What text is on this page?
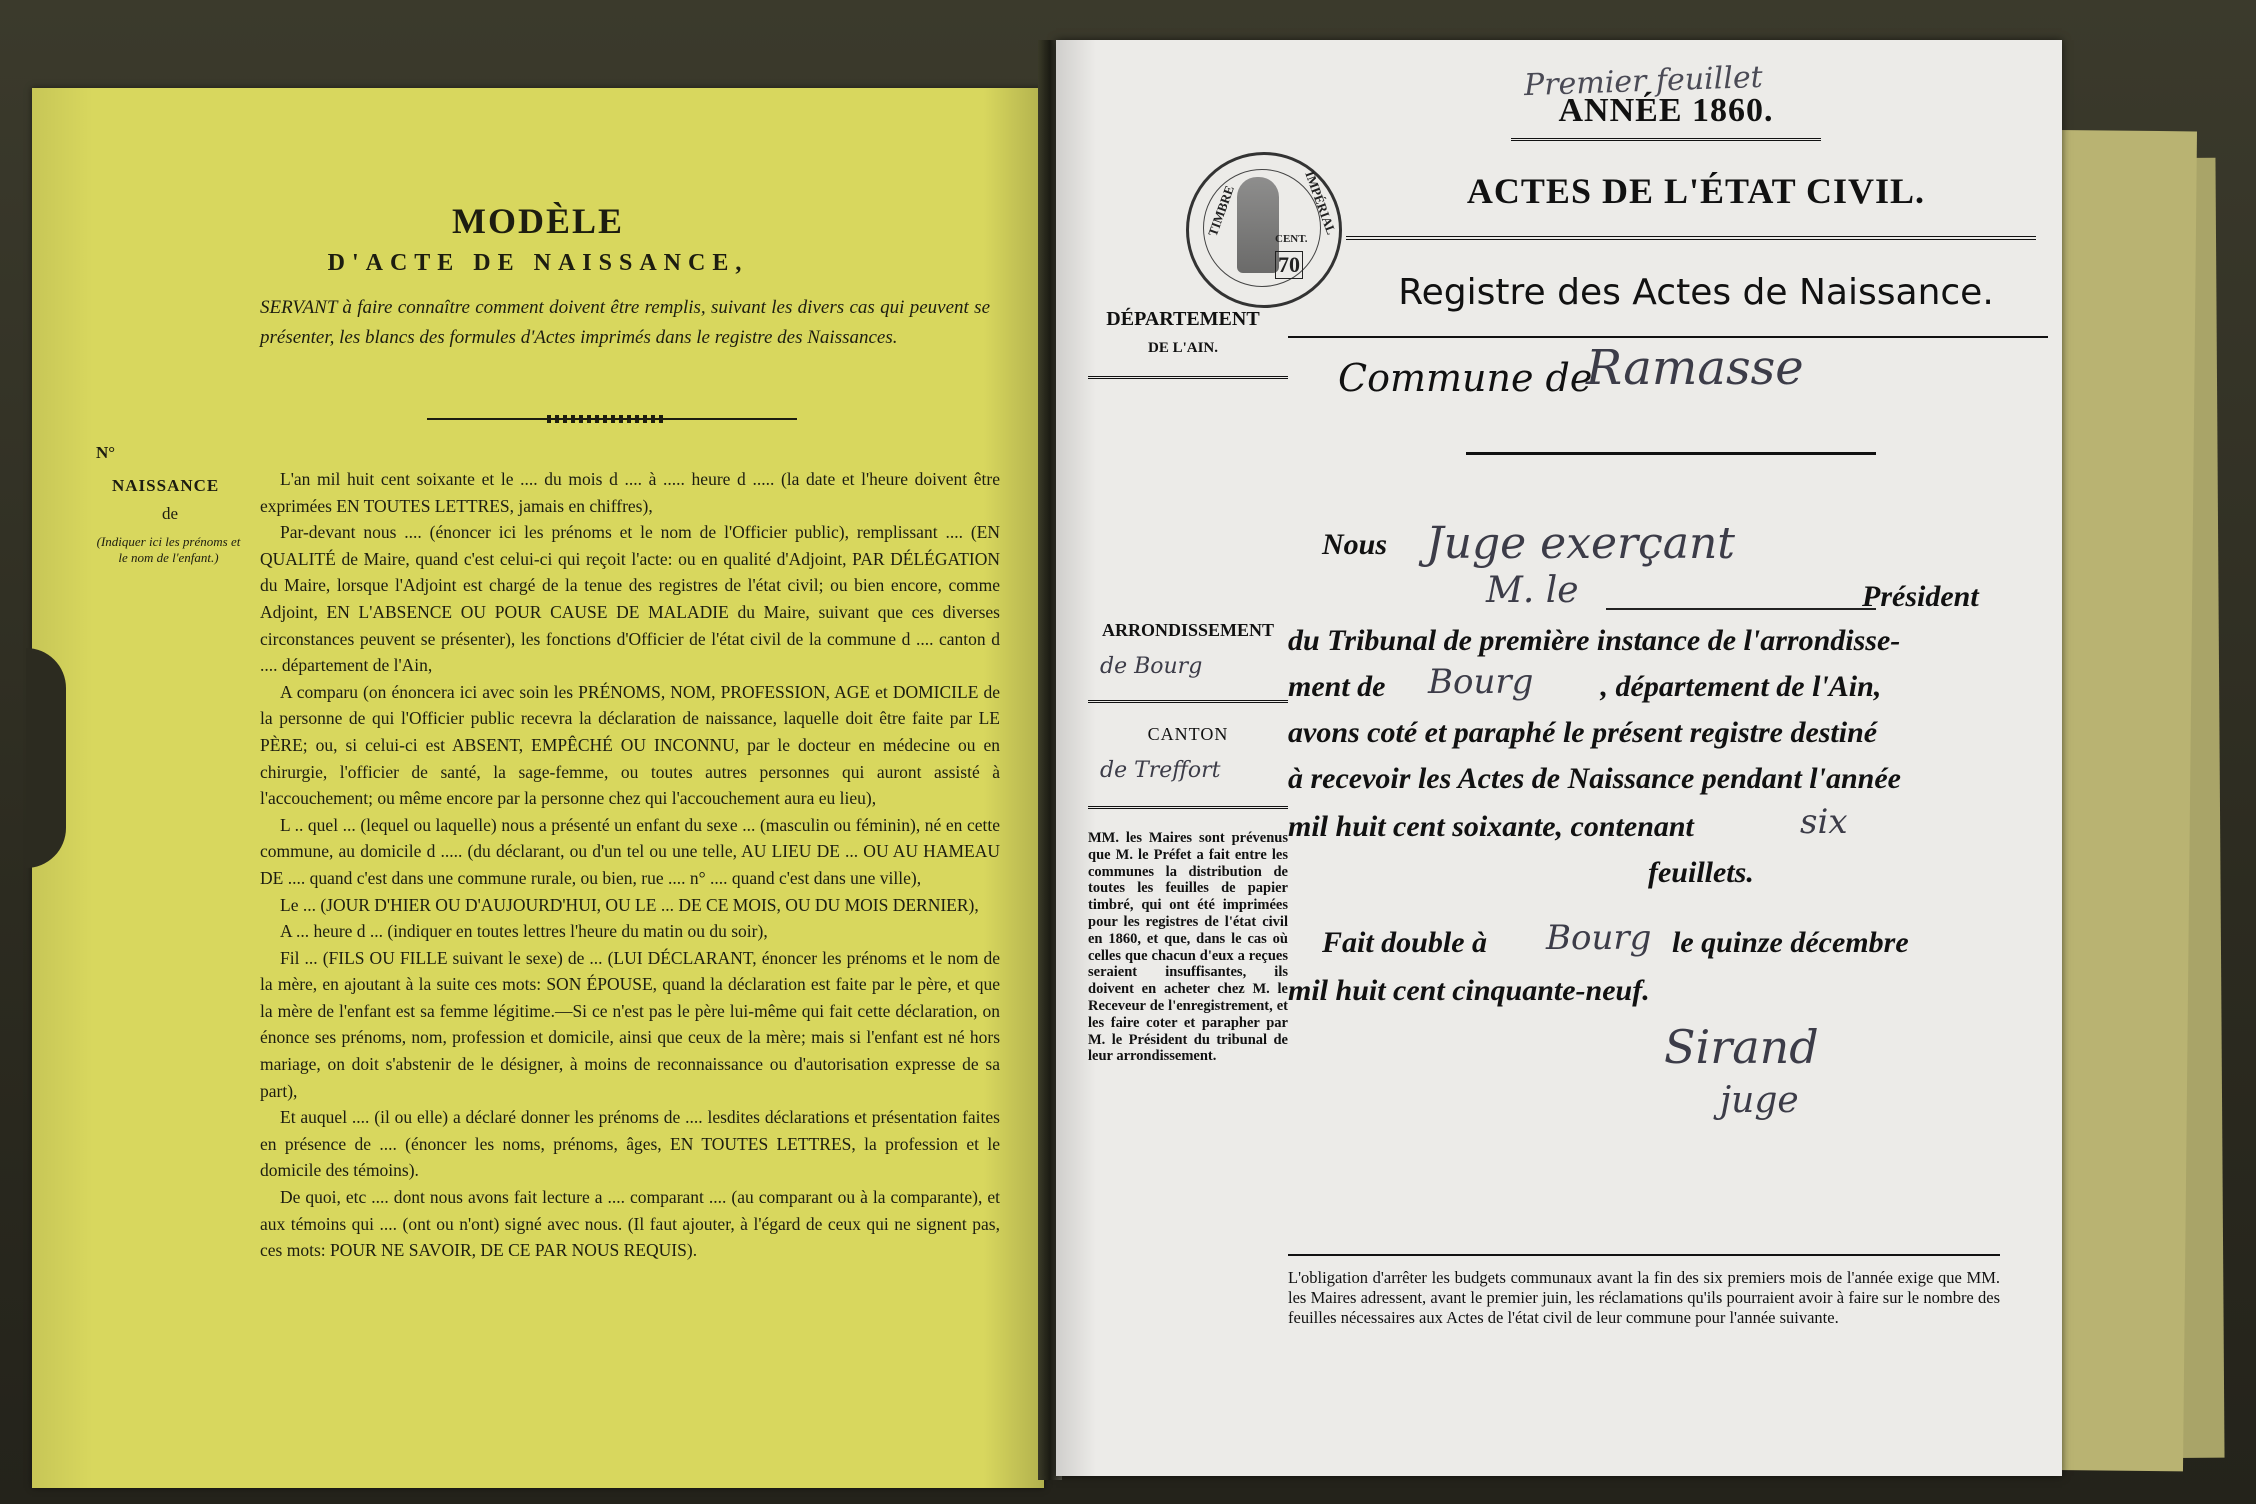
MODÈLE
D'ACTE DE NAISSANCE,
SERVANT à faire connaître comment doivent être remplis, suivant les divers cas qui peuvent se présenter, les blancs des formules d'Actes imprimés dans le registre des Naissances.
N°
NAISSANCE
de
(Indiquer ici les prénoms et le nom de l'enfant.)

L'an mil huit cent soixante et le .... du mois d .... à ..... heure d ..... (la date et l'heure doivent être exprimées EN TOUTES LETTRES, jamais en chiffres),

Par-devant nous .... (énoncer ici les prénoms et le nom de l'Officier public), remplissant .... (EN QUALITÉ de Maire, quand c'est celui-ci qui reçoit l'acte: ou en qualité d'Adjoint, PAR DÉLÉGATION du Maire, lorsque l'Adjoint est chargé de la tenue des registres de l'état civil; ou bien encore, comme Adjoint, EN L'ABSENCE OU POUR CAUSE DE MALADIE du Maire, suivant que ces diverses circonstances peuvent se présenter), les fonctions d'Officier de l'état civil de la commune d .... canton d .... département de l'Ain,

A comparu (on énoncera ici avec soin les PRÉNOMS, NOM, PROFESSION, AGE et DOMICILE de la personne de qui l'Officier public recevra la déclaration de naissance, laquelle doit être faite par LE PÈRE; ou, si celui-ci est ABSENT, EMPÊCHÉ OU INCONNU, par le docteur en médecine ou en chirurgie, l'officier de santé, la sage-femme, ou toutes autres personnes qui auront assisté à l'accouchement; ou même encore par la personne chez qui l'accouchement aura eu lieu),

L .. quel ... (lequel ou laquelle) nous a présenté un enfant du sexe ... (masculin ou féminin), né en cette commune, au domicile d ..... (du déclarant, ou d'un tel ou une telle, AU LIEU DE ... OU AU HAMEAU DE .... quand c'est dans une commune rurale, ou bien, rue .... n° .... quand c'est dans une ville),

Le ... (JOUR D'HIER OU D'AUJOURD'HUI, OU LE ... DE CE MOIS, OU DU MOIS DERNIER),

A ... heure d ... (indiquer en toutes lettres l'heure du matin ou du soir),

Fil ... (FILS OU FILLE suivant le sexe) de ... (LUI DÉCLARANT, énoncer les prénoms et le nom de la mère, en ajoutant à la suite ces mots: SON ÉPOUSE, quand la déclaration est faite par le père, et que la mère de l'enfant est sa femme légitime.—Si ce n'est pas le père lui-même qui fait cette déclaration, on énonce ses prénoms, nom, profession et domicile, ainsi que ceux de la mère; mais si l'enfant est né hors mariage, on doit s'abstenir de le désigner, à moins de reconnaissance ou d'autorisation expresse de sa part),

Et auquel .... (il ou elle) a déclaré donner les prénoms de .... lesdites déclarations et présentation faites en présence de .... (énoncer les noms, prénoms, âges, EN TOUTES LETTRES, la profession et le domicile des témoins).

De quoi, etc .... dont nous avons fait lecture a .... comparant .... (au comparant ou à la comparante), et aux témoins qui .... (ont ou n'ont) signé avec nous. (Il faut ajouter, à l'égard de ceux qui ne signent pas, ces mots: POUR NE SAVOIR, DE CE PAR NOUS REQUIS).

Premier feuillet
ANNÉE 1860.
TIMBRE	IMPÉRIAL
CENT.
70
ACTES DE L'ÉTAT CIVIL.
Registre des Actes de Naissance.
DÉPARTEMENT
DE L'AIN.
Commune de
Ramasse
Nous Juge exerçant
M. le	Président
du Tribunal de première instance de l'arrondisse-
ment de	, département de l'Ain,
Bourg
avons coté et paraphé le présent registre destiné
à recevoir les Actes de Naissance pendant l'année
mil huit cent soixante, contenant	six
feuillets.
Fait double à	le quinze décembre
Bourg
mil huit cent cinquante-neuf.
ARRONDISSEMENT
de Bourg
CANTON
de Treffort
MM. les Maires sont prévenus que M. le Préfet a fait entre les communes la distribution de toutes les feuilles de papier timbré, qui ont été imprimées pour les registres de l'état civil en 1860, et que, dans le cas où celles que chacun d'eux a reçues seraient insuffisantes, ils doivent en acheter chez M. le Receveur de l'enregistrement, et les faire coter et parapher par M. le Président du tribunal de leur arrondissement.	Sirand
juge
L'obligation d'arrêter les budgets communaux avant la fin des six premiers mois de l'année exige que MM. les Maires adressent, avant le premier juin, les réclamations qu'ils pourraient avoir à faire sur le nombre des feuilles nécessaires aux Actes de l'état civil de leur commune pour l'année suivante.
